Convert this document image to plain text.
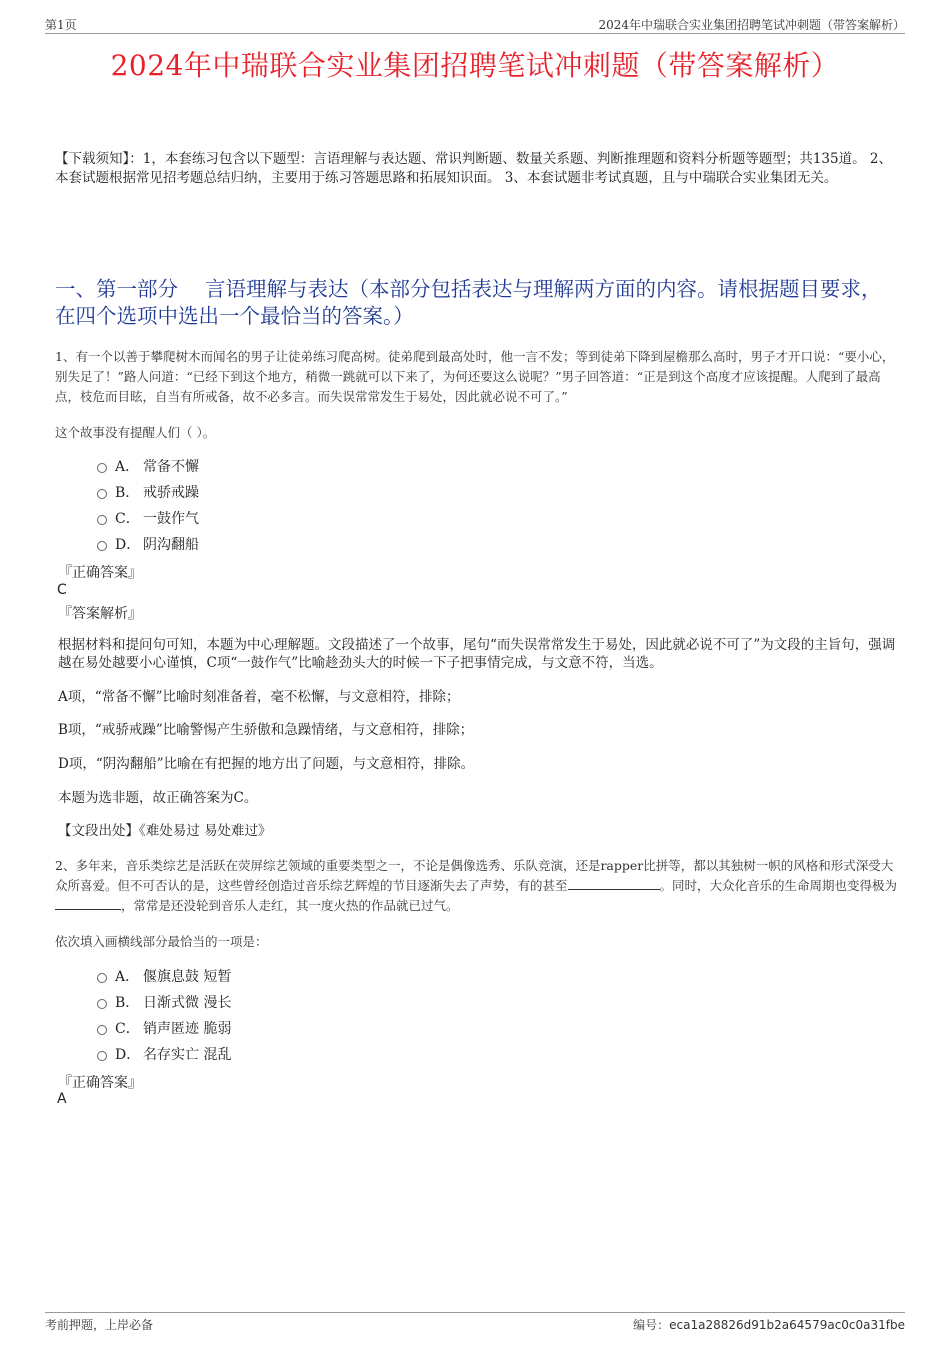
第1页	2024年中瑞联合实业集团招聘笔试冲刺题（带答案解析）
2024年中瑞联合实业集团招聘笔试冲刺题（带答案解析）
【下载须知】：1，本套练习包含以下题型：言语理解与表达题、常识判断题、数量关系题、判断推理题和资料分析题等题型；共135道。 2、本套试题根据常见招考题总结归纳，主要用于练习答题思路和拓展知识面。 3、本套试题非考试真题，且与中瑞联合实业集团无关。
一、第一部分　 言语理解与表达（本部分包括表达与理解两方面的内容。请根据题目要求，在四个选项中选出一个最恰当的答案。）
1、有一个以善于攀爬树木而闻名的男子让徒弟练习爬高树。徒弟爬到最高处时，他一言不发；等到徒弟下降到屋檐那么高时，男子才开口说：“要小心，别失足了！”路人问道：“已经下到这个地方，稍微一跳就可以下来了，为何还要这么说呢？”男子回答道：“正是到这个高度才应该提醒。人爬到了最高点，枝危而目眩，自当有所戒备，故不必多言。而失误常常发生于易处，因此就必说不可了。”
这个故事没有提醒人们（ ）。
A． 常备不懈
B． 戒骄戒躁
C． 一鼓作气
D． 阴沟翻船
『正确答案』
C
『答案解析』
根据材料和提问句可知，本题为中心理解题。文段描述了一个故事，尾句“而失误常常发生于易处，因此就必说不可了”为文段的主旨句，强调越在易处越要小心谨慎，C项“一鼓作气”比喻趁劲头大的时候一下子把事情完成，与文意不符，当选。
A项，“常备不懈”比喻时刻准备着，毫不松懈，与文意相符，排除；
B项，“戒骄戒躁”比喻警惕产生骄傲和急躁情绪，与文意相符，排除；
D项，“阴沟翻船”比喻在有把握的地方出了问题，与文意相符，排除。
本题为选非题，故正确答案为C。
【文段出处】《难处易过 易处难过》
2、多年来，音乐类综艺是活跃在荧屏综艺领域的重要类型之一，不论是偶像选秀、乐队竞演，还是rapper比拼等，都以其独树一帜的风格和形式深受大众所喜爱。但不可否认的是，这些曾经创造过音乐综艺辉煌的节目逐渐失去了声势，有的甚至	。同时，大众化音乐的生命周期也变得极为，常常是还没轮到音乐人走红，其一度火热的作品就已过气。
依次填入画横线部分最恰当的一项是：
A． 偃旗息鼓 短暂
B． 日渐式微 漫长
C． 销声匿迹 脆弱
D． 名存实亡 混乱
『正确答案』
A
考前押题，上岸必备	编号：eca1a28826d91b2a64579ac0c0a31fbe
